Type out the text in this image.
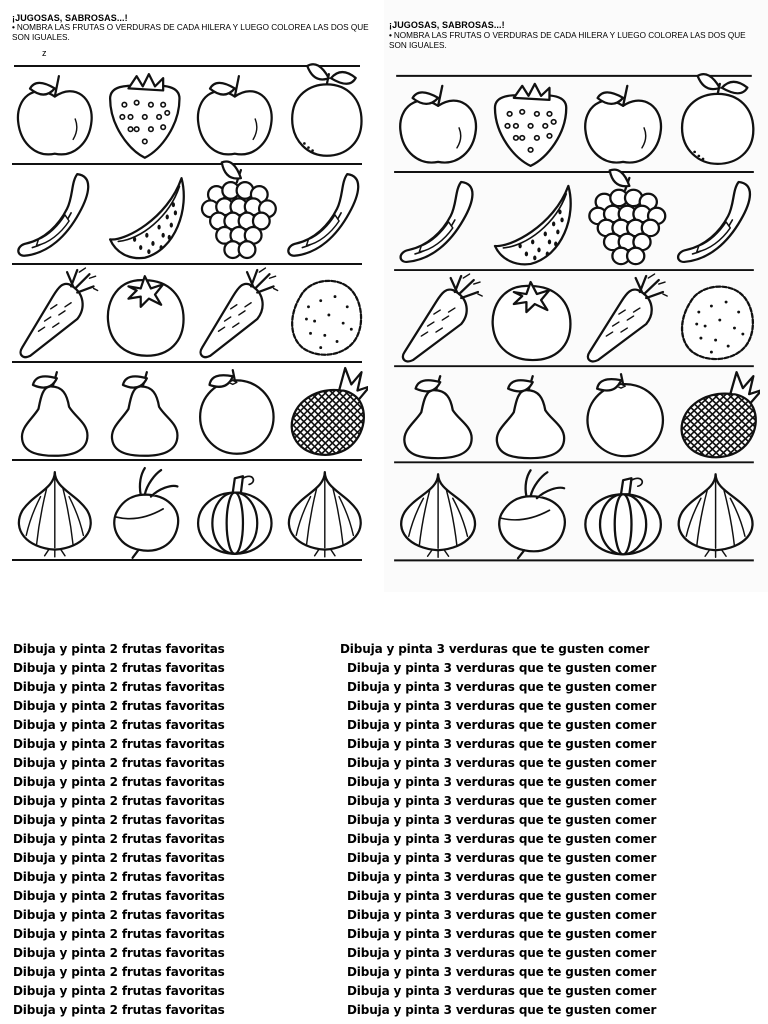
¡JUGOSAS, SABROSAS...!
• NOMBRA LAS FRUTAS O VERDURAS DE CADA HILERA Y LUEGO COLOREA LAS DOS QUE SON IGUALES.
z
¡JUGOSAS, SABROSAS...!
• NOMBRA LAS FRUTAS O VERDURAS DE CADA HILERA Y LUEGO COLOREA LAS DOS QUE SON IGUALES.
Dibuja y pinta 2 frutas favoritas
Dibuja y pinta 2 frutas favoritas
Dibuja y pinta 2 frutas favoritas
Dibuja y pinta 2 frutas favoritas
Dibuja y pinta 2 frutas favoritas
Dibuja y pinta 2 frutas favoritas
Dibuja y pinta 2 frutas favoritas
Dibuja y pinta 2 frutas favoritas
Dibuja y pinta 2 frutas favoritas
Dibuja y pinta 2 frutas favoritas
Dibuja y pinta 2 frutas favoritas
Dibuja y pinta 2 frutas favoritas
Dibuja y pinta 2 frutas favoritas
Dibuja y pinta 2 frutas favoritas
Dibuja y pinta 2 frutas favoritas
Dibuja y pinta 2 frutas favoritas
Dibuja y pinta 2 frutas favoritas
Dibuja y pinta 2 frutas favoritas
Dibuja y pinta 2 frutas favoritas
Dibuja y pinta 2 frutas favoritas
Dibuja y pinta 3 verduras que te gusten comer
Dibuja y pinta 3 verduras que te gusten comer
Dibuja y pinta 3 verduras que te gusten comer
Dibuja y pinta 3 verduras que te gusten comer
Dibuja y pinta 3 verduras que te gusten comer
Dibuja y pinta 3 verduras que te gusten comer
Dibuja y pinta 3 verduras que te gusten comer
Dibuja y pinta 3 verduras que te gusten comer
Dibuja y pinta 3 verduras que te gusten comer
Dibuja y pinta 3 verduras que te gusten comer
Dibuja y pinta 3 verduras que te gusten comer
Dibuja y pinta 3 verduras que te gusten comer
Dibuja y pinta 3 verduras que te gusten comer
Dibuja y pinta 3 verduras que te gusten comer
Dibuja y pinta 3 verduras que te gusten comer
Dibuja y pinta 3 verduras que te gusten comer
Dibuja y pinta 3 verduras que te gusten comer
Dibuja y pinta 3 verduras que te gusten comer
Dibuja y pinta 3 verduras que te gusten comer
Dibuja y pinta 3 verduras que te gusten comer
